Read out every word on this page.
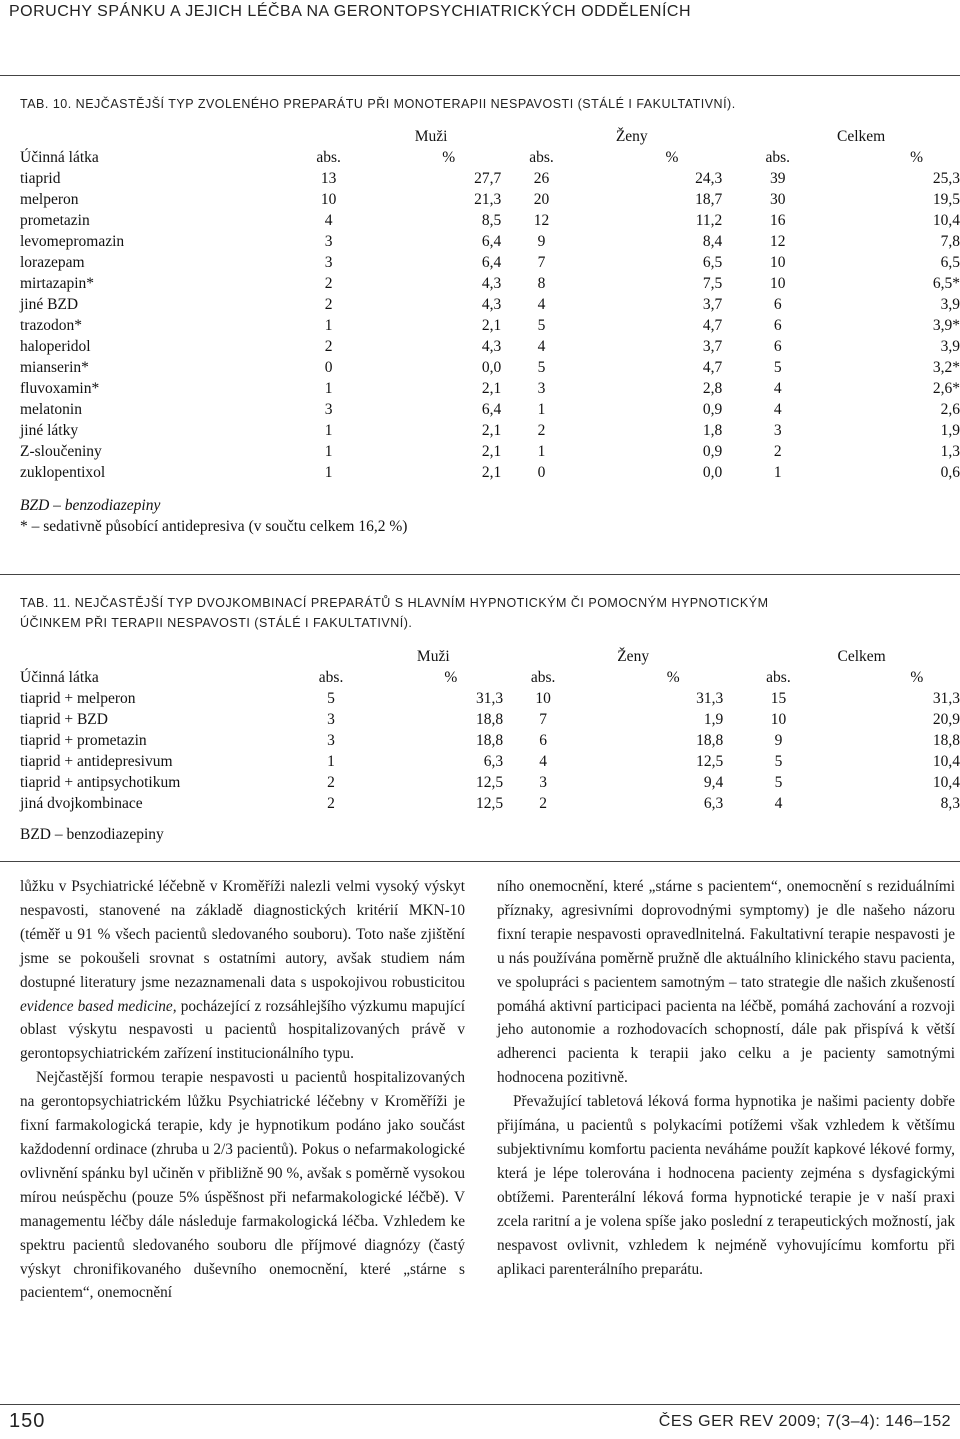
PORUCHY SPÁNKU A JEJICH LÉČBA NA GERONTOPSYCHIATRICKÝCH ODDĚLENÍCH
TAB. 10. NEJČASTĚJŠÍ TYP ZVOLENÉHO PREPARÁTU PŘI MONOTERAPII NESPAVOSTI (STÁLÉ I FAKULTATIVNÍ).
	Muži		Ženy		Celkem	
Účinná látka	abs.	%	abs.	%	abs.	%
tiaprid	13	27,7	26	24,3	39	25,3
melperon	10	21,3	20	18,7	30	19,5
prometazin	4	8,5	12	11,2	16	10,4
levomepromazin	3	6,4	9	8,4	12	7,8
lorazepam	3	6,4	7	6,5	10	6,5
mirtazapin*	2	4,3	8	7,5	10	6,5*
jiné BZD	2	4,3	4	3,7	6	3,9
trazodon*	1	2,1	5	4,7	6	3,9*
haloperidol	2	4,3	4	3,7	6	3,9
mianserin*	0	0,0	5	4,7	5	3,2*
fluvoxamin*	1	2,1	3	2,8	4	2,6*
melatonin	3	6,4	1	0,9	4	2,6
jiné látky	1	2,1	2	1,8	3	1,9
Z-sloučeniny	1	2,1	1	0,9	2	1,3
zuklopentixol	1	2,1	0	0,0	1	0,6
BZD – benzodiazepiny
* – sedativně působící antidepresiva (v součtu celkem 16,2 %)
TAB. 11. NEJČASTĚJŠÍ TYP DVOJKOMBINACÍ PREPARÁTŮ S HLAVNÍM HYPNOTICKÝM ČI POMOCNÝM HYPNOTICKÝM
ÚČINKEM PŘI TERAPII NESPAVOSTI (STÁLÉ I FAKULTATIVNÍ).
	Muži		Ženy		Celkem	
Účinná látka	abs.	%	abs.	%	abs.	%
tiaprid + melperon	5	31,3	10	31,3	15	31,3
tiaprid + BZD	3	18,8	7	1,9	10	20,9
tiaprid + prometazin	3	18,8	6	18,8	9	18,8
tiaprid + antidepresivum	1	6,3	4	12,5	5	10,4
tiaprid + antipsychotikum	2	12,5	3	9,4	5	10,4
jiná dvojkombinace	2	12,5	2	6,3	4	8,3
BZD – benzodiazepiny

lůžku v Psychiatrické léčebně v Kroměříži nalezli velmi vysoký výskyt nespavosti, stanovené na základě diagnostických kritérií MKN-10 (téměř u 91 % všech pacientů sledovaného souboru). Toto naše zjištění jsme se pokoušeli srovnat s ostatními autory, avšak studiem nám dostupné literatury jsme nezaznamenali data s uspokojivou robusticitou evidence based medicine, pocházející z rozsáhlejšího výzkumu mapující oblast výskytu nespavosti u pacientů hospitalizovaných právě v gerontopsychiatrickém zařízení institucionálního typu.

Nejčastější formou terapie nespavosti u pacientů hospitalizovaných na gerontopsychiatrickém lůžku Psychiatrické léčebny v Kroměříži je fixní farmakologická terapie, kdy je hypnotikum podáno jako součást každodenní ordinace (zhruba u 2/3 pacientů). Pokus o nefarmakologické ovlivnění spánku byl učiněn v přibližně 90 %, avšak s poměrně vysokou mírou neúspěchu (pouze 5% úspěšnost při nefarmakologické léčbě). V managementu léčby dále následuje farmakologická léčba. Vzhledem ke spektru pacientů sledovaného souboru dle příjmové diagnózy (častý výskyt chronifikovaného duševního onemocnění, které „stárne s pacientem“, onemocnění

ního onemocnění, které „stárne s pacientem“, onemocnění s reziduálními příznaky, agresivními doprovodnými symptomy) je dle našeho názoru fixní terapie nespavosti opravedlnitelná. Fakultativní terapie nespavosti je u nás používána poměrně pružně dle aktuálního klinického stavu pacienta, ve spolupráci s pacientem samotným – tato strategie dle našich zkušeností pomáhá aktivní participaci pacienta na léčbě, pomáhá zachování a rozvoji jeho autonomie a rozhodovacích schopností, dále pak přispívá k větší adherenci pacienta k terapii jako celku a je pacienty samotnými hodnocena pozitivně.

Převažující tabletová léková forma hypnotika je našimi pacienty dobře přijímána, u pacientů s polykacími potížemi však vzhledem k většímu subjektivnímu komfortu pacienta neváháme použít kapkové lékové formy, která je lépe tolerována i hodnocena pacienty zejména s dysfagickými obtížemi. Parenterální léková forma hypnotické terapie je v naší praxi zcela raritní a je volena spíše jako poslední z terapeutických možností, jak nespavost ovlivnit, vzhledem k nejméně vyhovujícímu komfortu při aplikaci parenterálního preparátu.

150	ČES GER REV 2009; 7(3–4): 146–152
